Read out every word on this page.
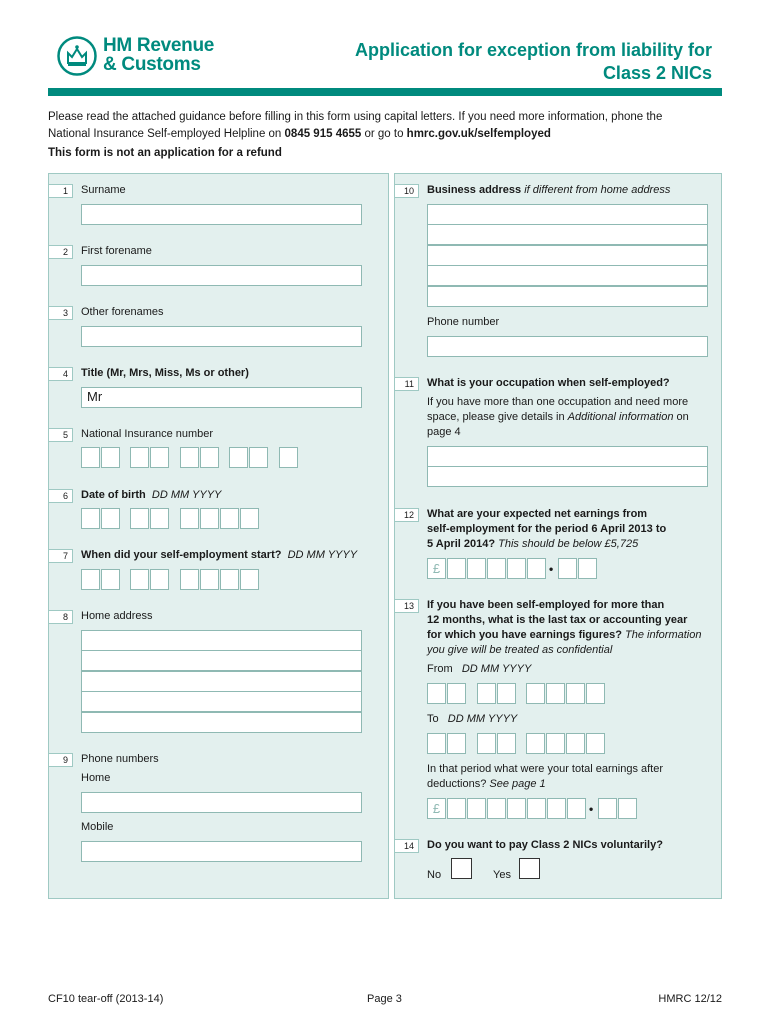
HM Revenue
& Customs
Application for exception from liability for
Class 2 NICs
Please read the attached guidance before filling in this form using capital letters. If you need more information, phone the
National Insurance Self-employed Helpline on 0845 915 4655 or go to hmrc.gov.uk/selfemployed
This form is not an application for a refund
1	Surname
2	First forename
3	Other forenames
4	Title (Mr, Mrs, Miss, Ms or other)
Mr
5	National Insurance number
6	Date of birth DD MM YYYY
7	When did your self-employment start? DD MM YYYY
8	Home address
9	Phone numbers
Home
Mobile
10	Business address if different from home address
Phone number
11	What is your occupation when self-employed?
If you have more than one occupation and need more
space, please give details in Additional information on
page 4
12	What are your expected net earnings from
self-employment for the period 6 April 2013 to
5 April 2014? This should be below £5,725
£	•
13	If you have been self-employed for more than
12 months, what is the last tax or accounting year
for which you have earnings figures? The information
you give will be treated as confidential
From DD MM YYYY
To DD MM YYYY
In that period what were your total earnings after
deductions? See page 1
£	•
14	Do you want to pay Class 2 NICs voluntarily?
No	Yes
CF10 tear-off (2013-14)	Page 3	HMRC 12/12
